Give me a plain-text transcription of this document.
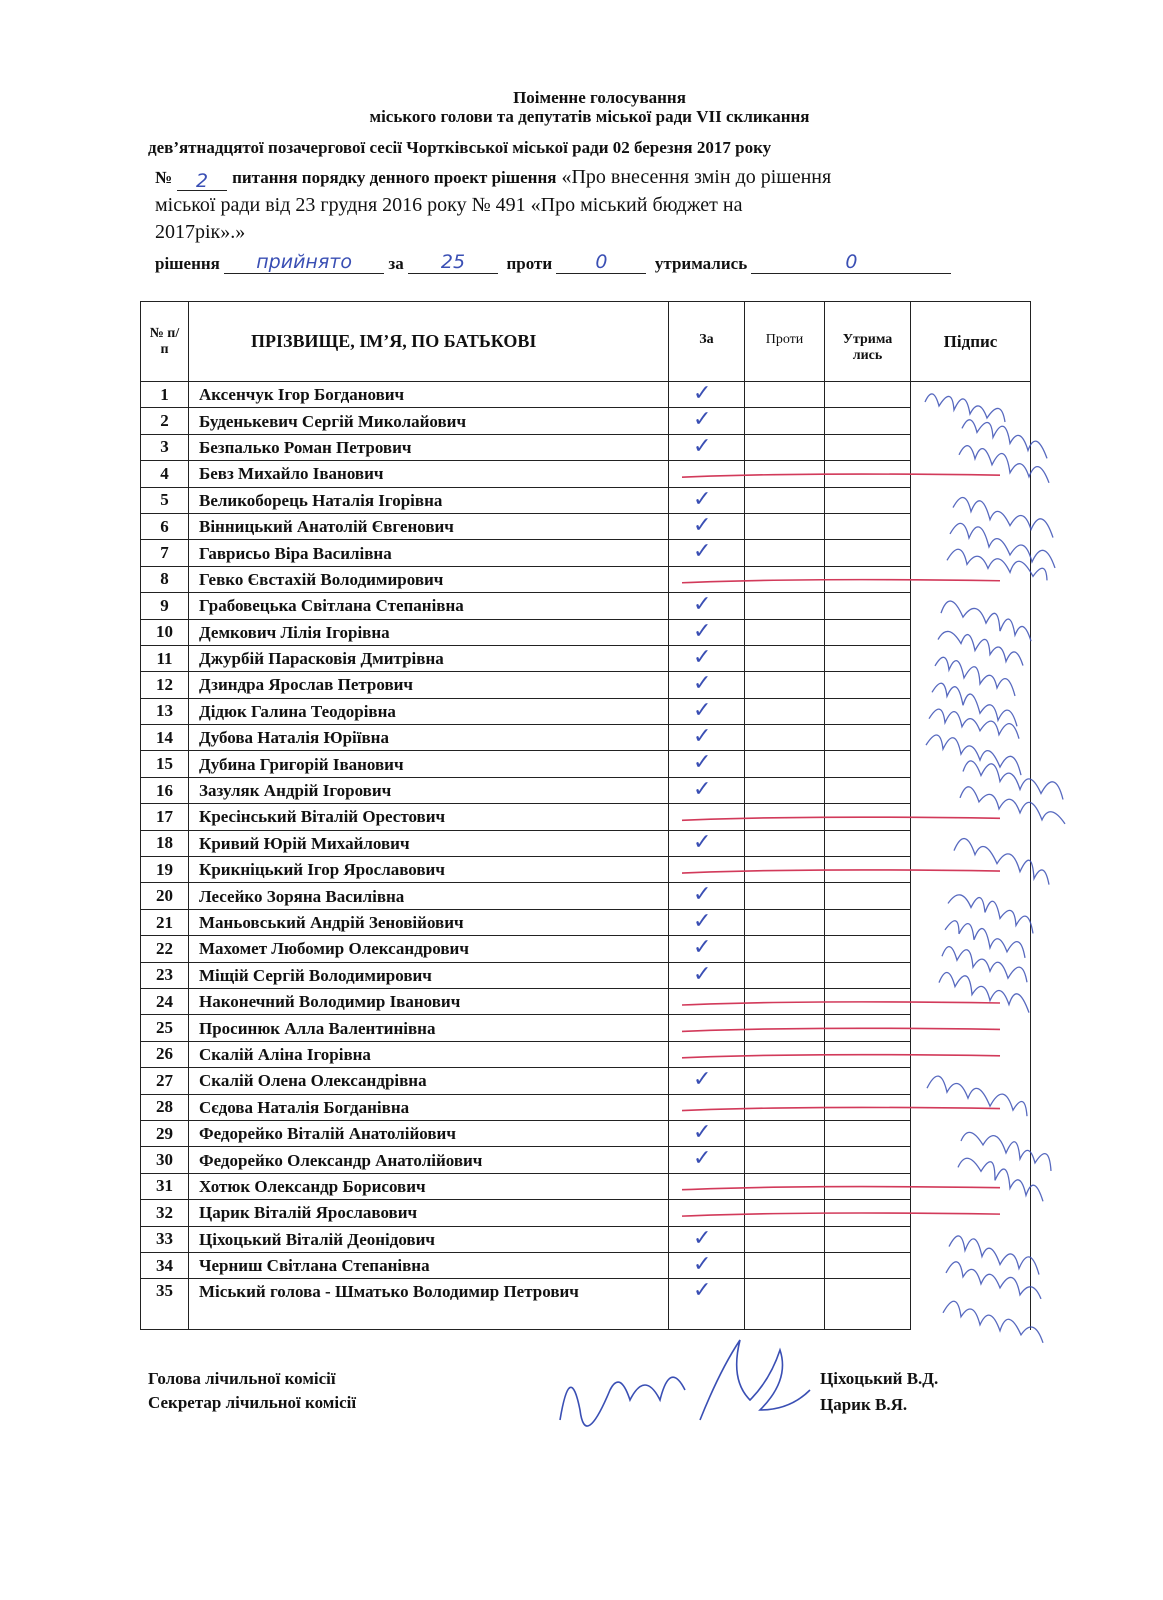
Поіменне голосування
міського голови та депутатів міської ради VІІ скликання
дев’ятнадцятої позачергової сесії Чортківської міської ради 02 березня 2017 року
№ 2 питання порядку денного проект рішення «Про внесення змін до рішення
міської ради від 23 грудня 2016 року № 491 «Про міський бюджет на
2017рік».»
рішення прийнято за 25 проти 0	утримались	0
№ п/п	ПРІЗВИЩЕ, ІМ’Я, ПО БАТЬКОВІ	За	Проти	Утрима лись	Підпис
1	Аксенчук Ігор Богданович	✓			

2	Буденькевич Сергій Миколайович	✓			

3	Безпалько Роман Петрович	✓			

4	Бевз Михайло Іванович				
5	Великоборець Наталія Ігорівна	✓			

6	Вінницький Анатолій Євгенович	✓			

7	Гаврисьо Віра Василівна	✓			

8	Гевко Євстахій Володимирович				
9	Грабовецька Світлана Степанівна	✓			

10	Демкович Лілія Ігорівна	✓			

11	Джурбій Парасковія Дмитрівна	✓			

12	Дзиндра Ярослав Петрович	✓			

13	Дідюк Галина Теодорівна	✓			

14	Дубова Наталія Юріївна	✓			

15	Дубина Григорій Іванович	✓			

16	Зазуляк Андрій Ігорович	✓			

17	Кресінський Віталій Орестович				
18	Кривий Юрій Михайлович	✓			

19	Крикніцький Ігор Ярославович				
20	Лесейко Зоряна Василівна	✓			

21	Маньовський Андрій Зеновійович	✓			

22	Махомет Любомир Олександрович	✓			

23	Міщій Сергій Володимирович	✓			

24	Наконечний Володимир Іванович				
25	Просинюк Алла Валентинівна				
26	Скалій Аліна Ігорівна				
27	Скалій Олена Олександрівна	✓			

28	Сєдова Наталія Богданівна				
29	Федорейко Віталій Анатолійович	✓			

30	Федорейко Олександр Анатолійович	✓			

31	Хотюк Олександр Борисович				
32	Царик Віталій Ярославович				
33	Ціхоцький Віталій Деонідович	✓			

34	Черниш Світлана Степанівна	✓			

35	Міський голова - Шматько Володимир Петрович	✓			

Голова лічильної комісії
Секретар лічильної комісії
Ціхоцький В.Д.
Царик В.Я.
